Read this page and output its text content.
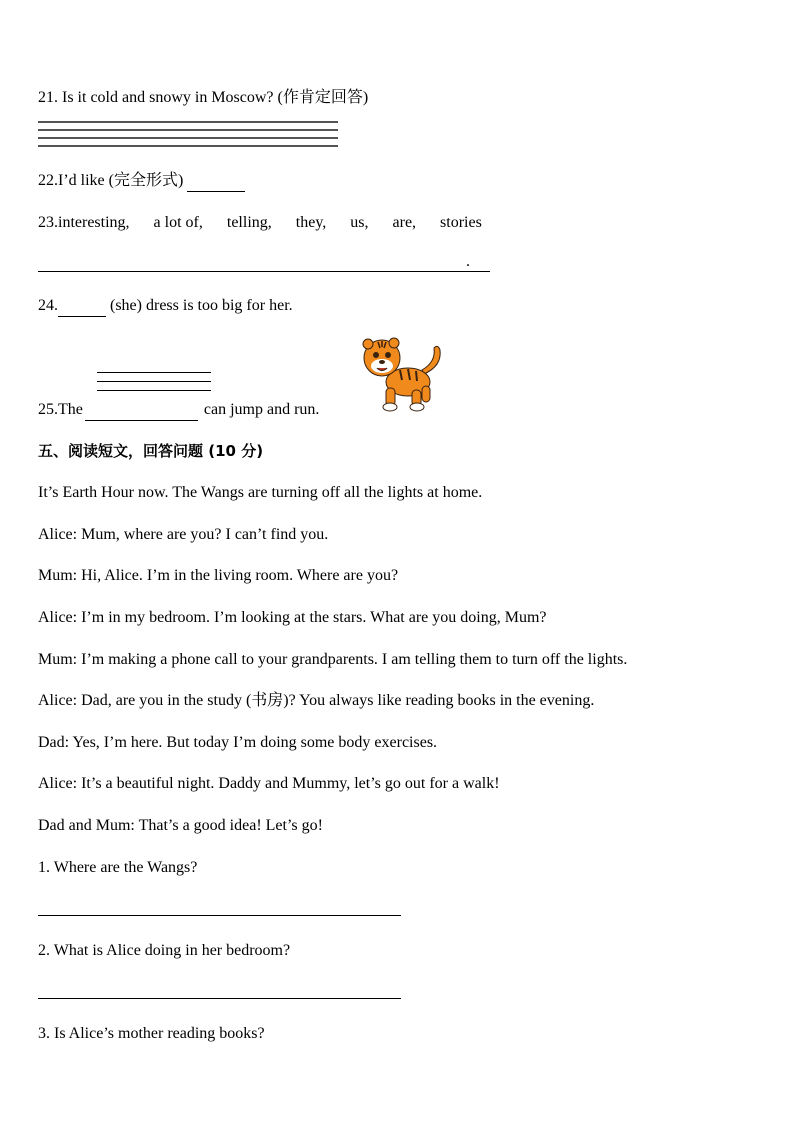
21. Is it cold and snowy in Moscow? (作肯定回答)
22.I’d like (完全形式)
23.interesting, a lot of, telling, they, us, are, stories
.
24.	(she) dress is too big for her.
25.The	can jump and run.
五、阅读短文，回答问题 (10 分)
It’s Earth Hour now. The Wangs are turning off all the lights at home.
Alice: Mum, where are you? I can’t find you.
Mum: Hi, Alice. I’m in the living room. Where are you?
Alice: I’m in my bedroom. I’m looking at the stars. What are you doing, Mum?
Mum: I’m making a phone call to your grandparents. I am telling them to turn off the lights.
Alice: Dad, are you in the study (书房)? You always like reading books in the evening.
Dad: Yes, I’m here. But today I’m doing some body exercises.
Alice: It’s a beautiful night. Daddy and Mummy, let’s go out for a walk!
Dad and Mum: That’s a good idea! Let’s go!
1. Where are the Wangs?
2. What is Alice doing in her bedroom?
3. Is Alice’s mother reading books?
